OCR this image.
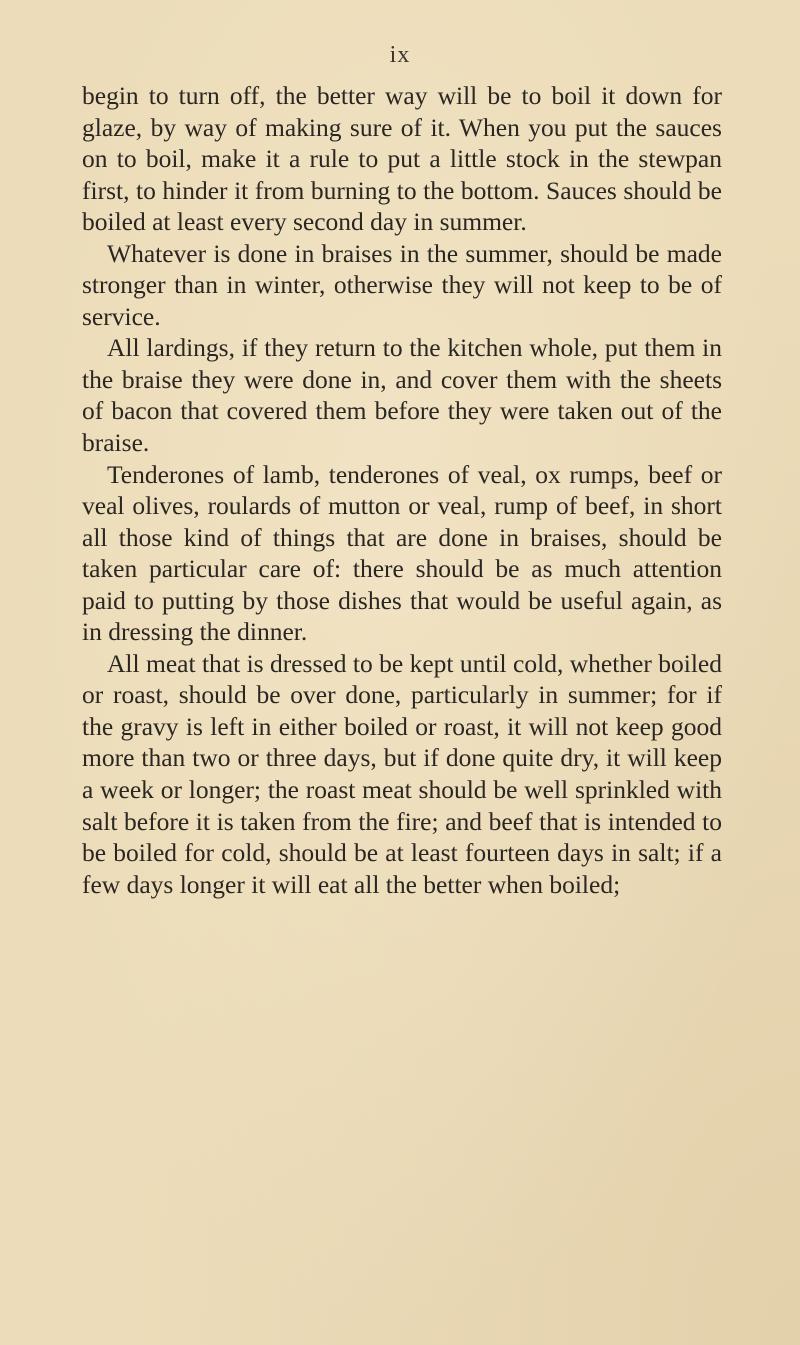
ix

begin to turn off, the better way will be to boil it down for glaze, by way of making sure of it. When you put the sauces on to boil, make it a rule to put a little stock in the stewpan first, to hinder it from burning to the bottom. Sauces should be boiled at least every second day in summer.

Whatever is done in braises in the summer, should be made stronger than in winter, otherwise they will not keep to be of service.

All lardings, if they return to the kitchen whole, put them in the braise they were done in, and cover them with the sheets of bacon that covered them before they were taken out of the braise.

Tenderones of lamb, tenderones of veal, ox rumps, beef or veal olives, roulards of mutton or veal, rump of beef, in short all those kind of things that are done in braises, should be taken particular care of: there should be as much attention paid to putting by those dishes that would be useful again, as in dressing the dinner.

All meat that is dressed to be kept until cold, whether boiled or roast, should be over done, particularly in summer; for if the gravy is left in either boiled or roast, it will not keep good more than two or three days, but if done quite dry, it will keep a week or longer; the roast meat should be well sprinkled with salt before it is taken from the fire; and beef that is intended to be boiled for cold, should be at least fourteen days in salt; if a few days longer it will eat all the better when boiled;
